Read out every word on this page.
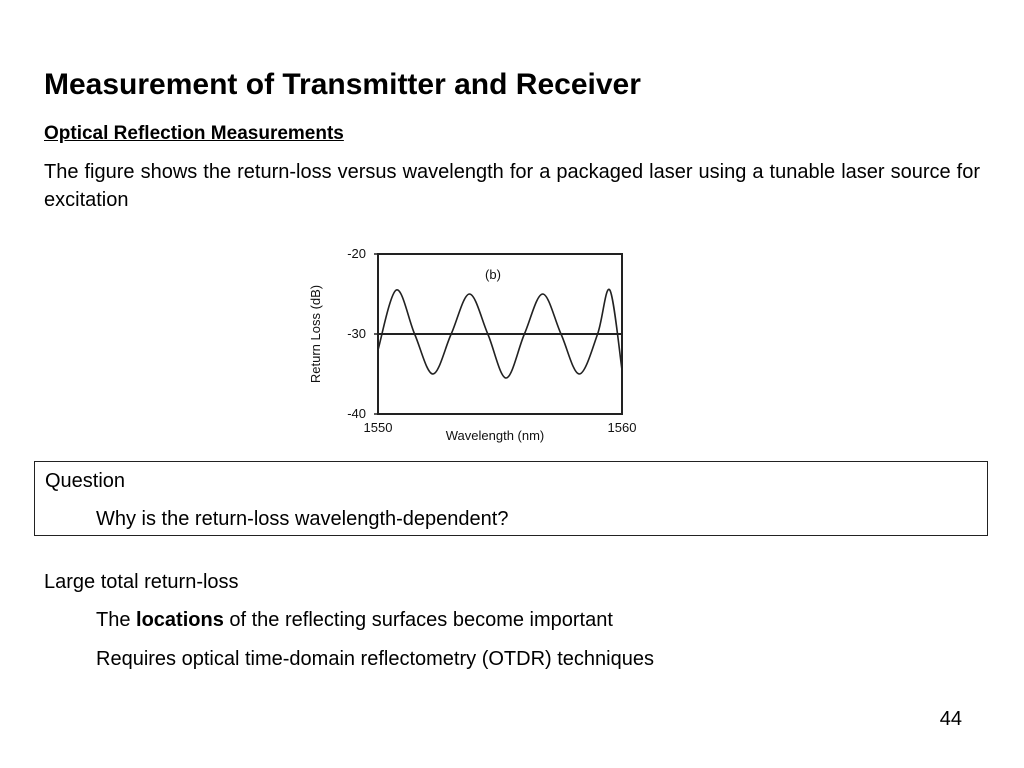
Measurement of Transmitter and Receiver
Optical Reflection Measurements
The figure shows the return-loss versus wavelength for a packaged laser using a tunable laser source for excitation
-20
-30
-40
1550	1560
(b)
Wavelength (nm)
Return Loss (dB)
Question
Why is the return-loss wavelength-dependent?
Large total return-loss
The locations of the reflecting surfaces become important
Requires optical time-domain reflectometry (OTDR) techniques
44
